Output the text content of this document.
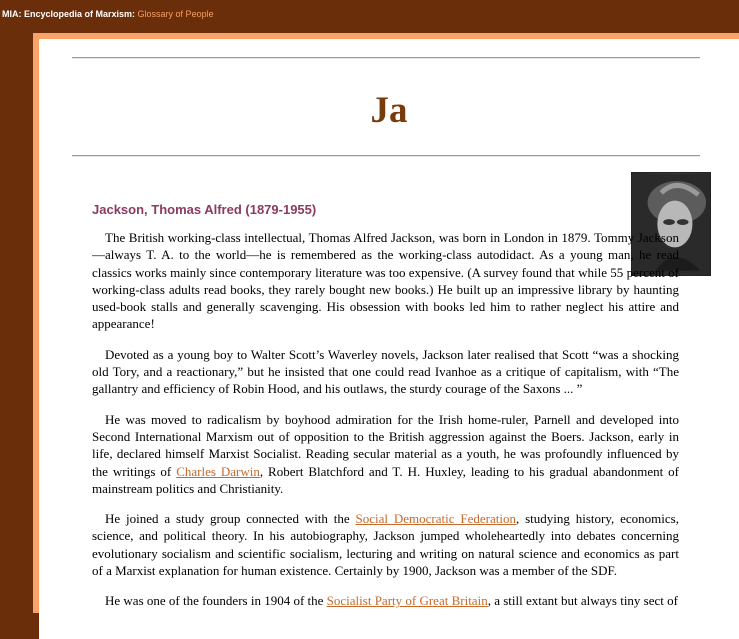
MIA: Encyclopedia of Marxism: Glossary of People
Ja
Jackson, Thomas Alfred (1879-1955)

The British working-class intellectual, Thomas Alfred Jackson, was born in London in 1879. Tommy Jackson—always T. A. to the world—he is remembered as the working-class autodidact. As a young man, he read classics works mainly since contemporary literature was too expensive. (A survey found that while 55 percent of working-class adults read books, they rarely bought new books.) He built up an impressive library by haunting used-book stalls and generally scavenging. His obsession with books led him to rather neglect his attire and appearance!

Devoted as a young boy to Walter Scott’s Waverley novels, Jackson later realised that Scott “was a shocking old Tory, and a reactionary,” but he insisted that one could read Ivanhoe as a critique of capitalism, with “The gallantry and efficiency of Robin Hood, and his outlaws, the sturdy courage of the Saxons ... ”

He was moved to radicalism by boyhood admiration for the Irish home-ruler, Parnell and developed into Second International Marxism out of opposition to the British aggression against the Boers. Jackson, early in life, declared himself Marxist Socialist. Reading secular material as a youth, he was profoundly influenced by the writings of Charles Darwin, Robert Blatchford and T. H. Huxley, leading to his gradual abandonment of mainstream politics and Christianity.

He joined a study group connected with the Social Democratic Federation, studying history, economics, science, and political theory. In his autobiography, Jackson jumped wholeheartedly into debates concerning evolutionary socialism and scientific socialism, lecturing and writing on natural science and economics as part of a Marxist explanation for human existence. Certainly by 1900, Jackson was a member of the SDF.

He was one of the founders in 1904 of the Socialist Party of Great Britain, a still extant but always tiny sect of
